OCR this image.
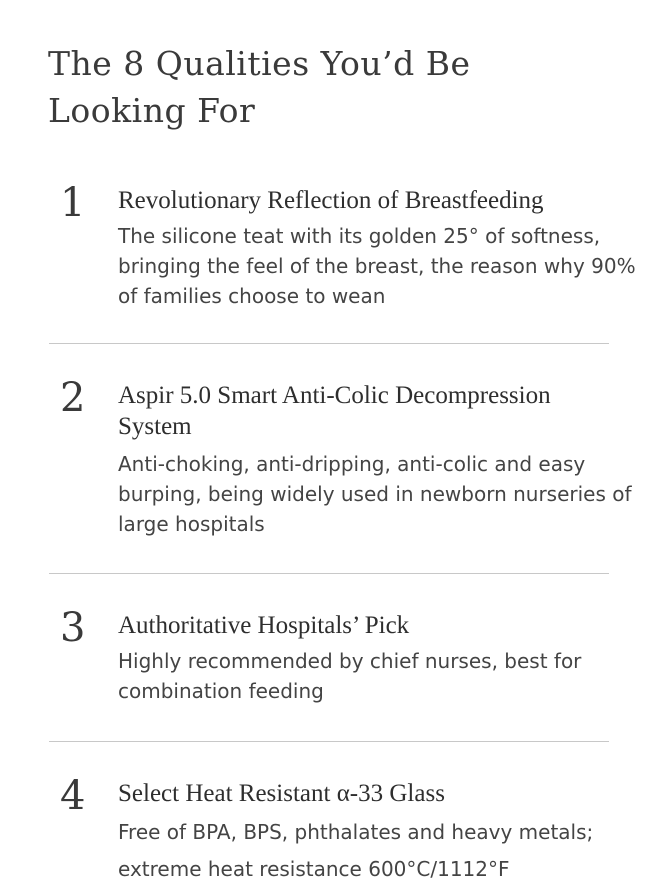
The 8 Qualities You’d Be Looking For
1	Revolutionary Reflection of Breastfeeding

The silicone teat with its golden 25° of softness, bringing the feel of the breast, the reason why 90% of families choose to wean

2	Aspir 5.0 Smart Anti-Colic Decompression System

Anti-choking, anti-dripping, anti-colic and easy burping, being widely used in newborn nurseries of large hospitals

3	Authoritative Hospitals’ Pick

Highly recommended by chief nurses, best for combination feeding

4	Select Heat Resistant α-33 Glass

Free of BPA, BPS, phthalates and heavy metals; extreme heat resistance 600°C/1112°F
